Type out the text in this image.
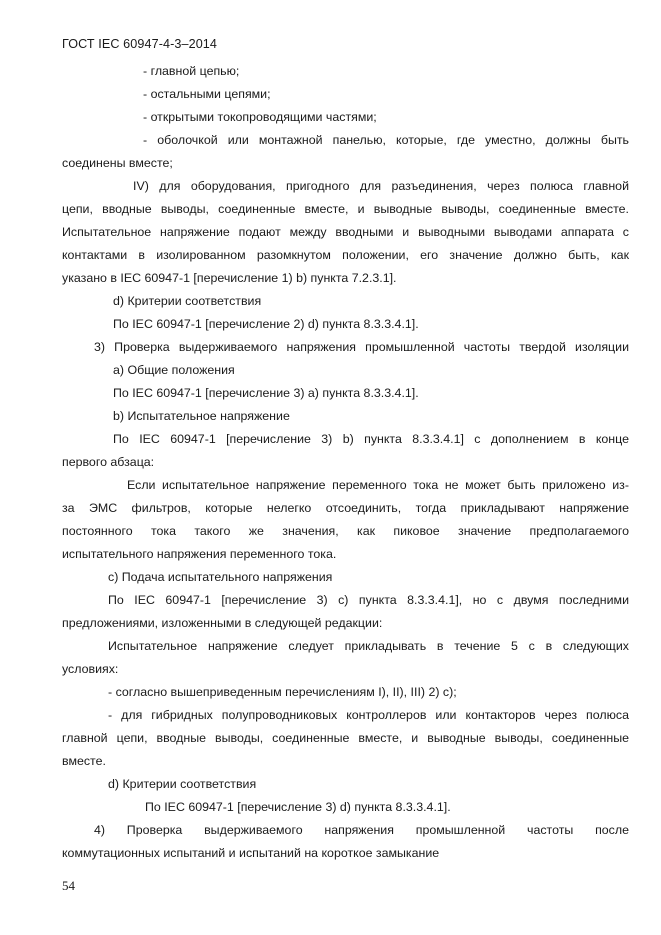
ГОСТ IEC 60947-4-3–2014
- главной цепью;
- остальными цепями;
- открытыми токопроводящими частями;
- оболочкой или монтажной панелью, которые, где уместно, должны быть
соединены вместе;
IV) для оборудования, пригодного для разъединения, через полюса главной
цепи, вводные выводы, соединенные вместе, и выводные выводы, соединенные вместе.
Испытательное напряжение подают между вводными и выводными выводами аппарата с
контактами в изолированном разомкнутом положении, его значение должно быть, как
указано в IEC 60947-1 [перечисление 1) b) пункта 7.2.3.1].
d) Критерии соответствия
По IEC 60947-1 [перечисление 2) d) пункта 8.3.3.4.1].
3) Проверка выдерживаемого напряжения промышленной частоты твердой изоляции
a) Общие положения
По IEC 60947-1 [перечисление 3) a) пункта 8.3.3.4.1].
b) Испытательное напряжение
По IEC 60947-1 [перечисление 3) b) пункта 8.3.3.4.1] с дополнением в конце
первого абзаца:
Если испытательное напряжение переменного тока не может быть приложено из-
за ЭМС фильтров, которые нелегко отсоединить, тогда прикладывают напряжение
постоянного тока такого же значения, как пиковое значение предполагаемого
испытательного напряжения переменного тока.
c) Подача испытательного напряжения
По IEC 60947-1 [перечисление 3) c) пункта 8.3.3.4.1], но с двумя последними
предложениями, изложенными в следующей редакции:
Испытательное напряжение следует прикладывать в течение 5 с в следующих
условиях:
- согласно вышеприведенным перечислениям I), II), III) 2) c);
- для гибридных полупроводниковых контроллеров или контакторов через полюса
главной цепи, вводные выводы, соединенные вместе, и выводные выводы, соединенные
вместе.
d) Критерии соответствия
По IEC 60947-1 [перечисление 3) d) пункта 8.3.3.4.1].
4) Проверка выдерживаемого напряжения промышленной частоты после
коммутационных испытаний и испытаний на короткое замыкание
54
